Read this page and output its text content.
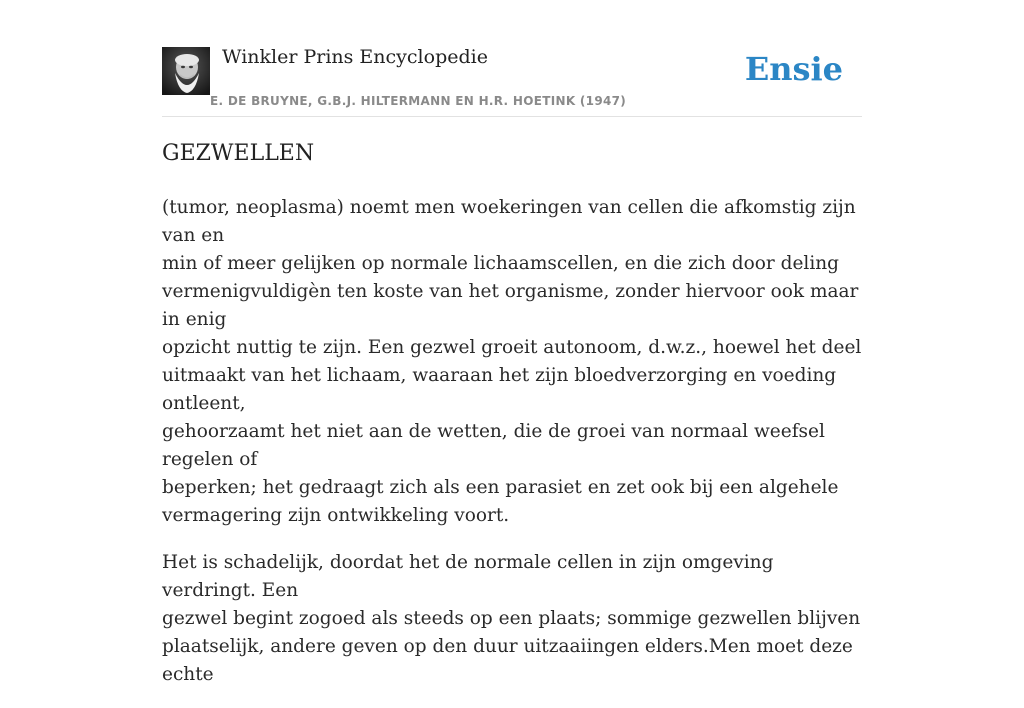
Winkler Prins Encyclopedie
E. DE BRUYNE, G.B.J. HILTERMANN EN H.R. HOETINK (1947)
Ensie
GEZWELLEN

(tumor, neoplasma) noemt men woekeringen van cellen die afkomstig zijn van en
min of meer gelijken op normale lichaamscellen, en die zich door deling
vermenigvuldigèn ten koste van het organisme, zonder hiervoor ook maar in enig
opzicht nuttig te zijn. Een gezwel groeit autonoom, d.w.z., hoewel het deel
uitmaakt van het lichaam, waaraan het zijn bloedverzorging en voeding ontleent,
gehoorzaamt het niet aan de wetten, die de groei van normaal weefsel regelen of
beperken; het gedraagt zich als een parasiet en zet ook bij een algehele
vermagering zijn ontwikkeling voort.

Het is schadelijk, doordat het de normale cellen in zijn omgeving verdringt. Een
gezwel begint zogoed als steeds op een plaats; sommige gezwellen blijven
plaatselijk, andere geven op den duur uitzaaiingen elders.Men moet deze echte
